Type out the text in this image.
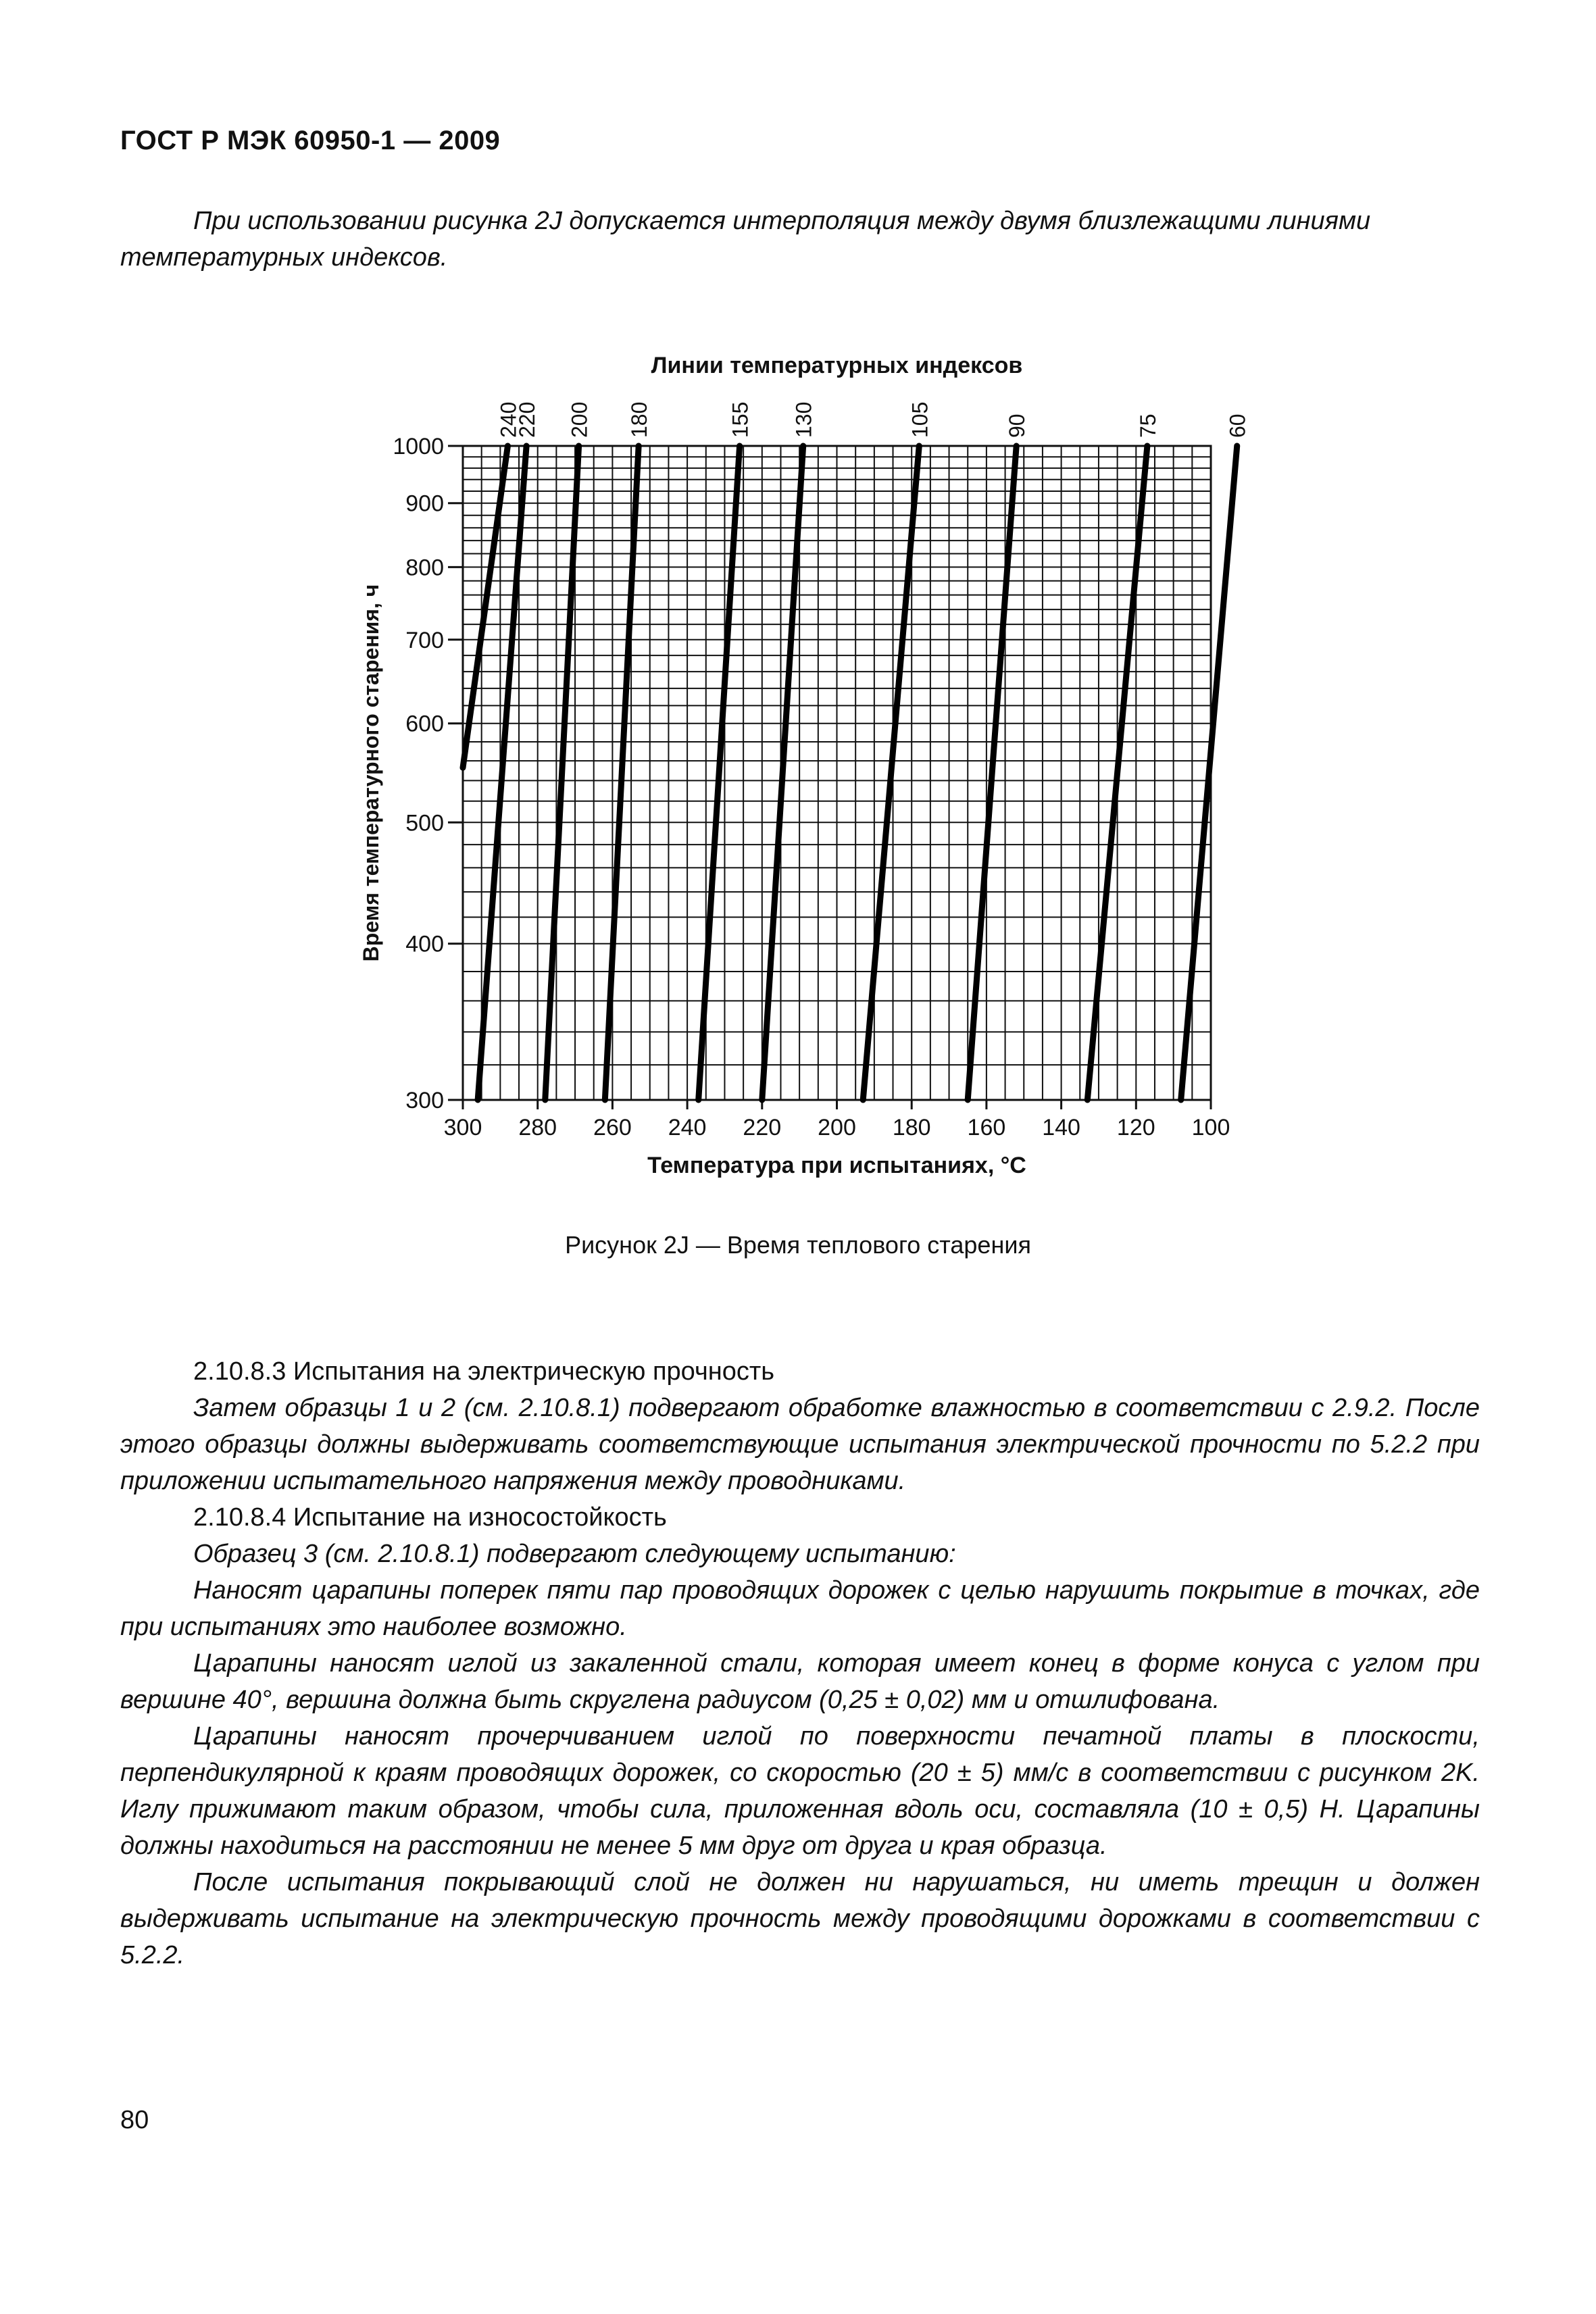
ГОСТ Р МЭК 60950-1 — 2009

При использовании рисунка 2J допускается интерполяция между двумя близлежащими линиями температурных индексов.

300 280 260 240 220 200 180 160 140 120 100
300
400
500
600
700
800
900
1000
Линии температурных индексов
Температура при испытаниях, °C
Время температурного старения, ч
240
220 200 180	155 130	105	90	75	60
Рисунок 2J — Время теплового старения

2.10.8.3 Испытания на электрическую прочность

Затем образцы 1 и 2 (см. 2.10.8.1) подвергают обработке влажностью в соответствии с 2.9.2. После этого образцы должны выдерживать соответствующие испытания электрической прочности по 5.2.2 при приложении испытательного напряжения между проводниками.

2.10.8.4 Испытание на износостойкость

Образец 3 (см. 2.10.8.1) подвергают следующему испытанию:

Наносят царапины поперек пяти пар проводящих дорожек с целью нарушить покрытие в точках, где при испытаниях это наиболее возможно.

Царапины наносят иглой из закаленной стали, которая имеет конец в форме конуса с углом при вершине 40°, вершина должна быть скруглена радиусом (0,25 ± 0,02) мм и отшлифована.

Царапины наносят прочерчиванием иглой по поверхности печатной платы в плоскости, перпендикулярной к краям проводящих дорожек, со скоростью (20 ± 5) мм/с в соответствии с рисунком 2K. Иглу прижимают таким образом, чтобы сила, приложенная вдоль оси, составляла (10 ± 0,5) Н. Царапины должны находиться на расстоянии не менее 5 мм друг от друга и края образца.

После испытания покрывающий слой не должен ни нарушаться, ни иметь трещин и должен выдерживать испытание на электрическую прочность между проводящими дорожками в соответствии с 5.2.2.

80
